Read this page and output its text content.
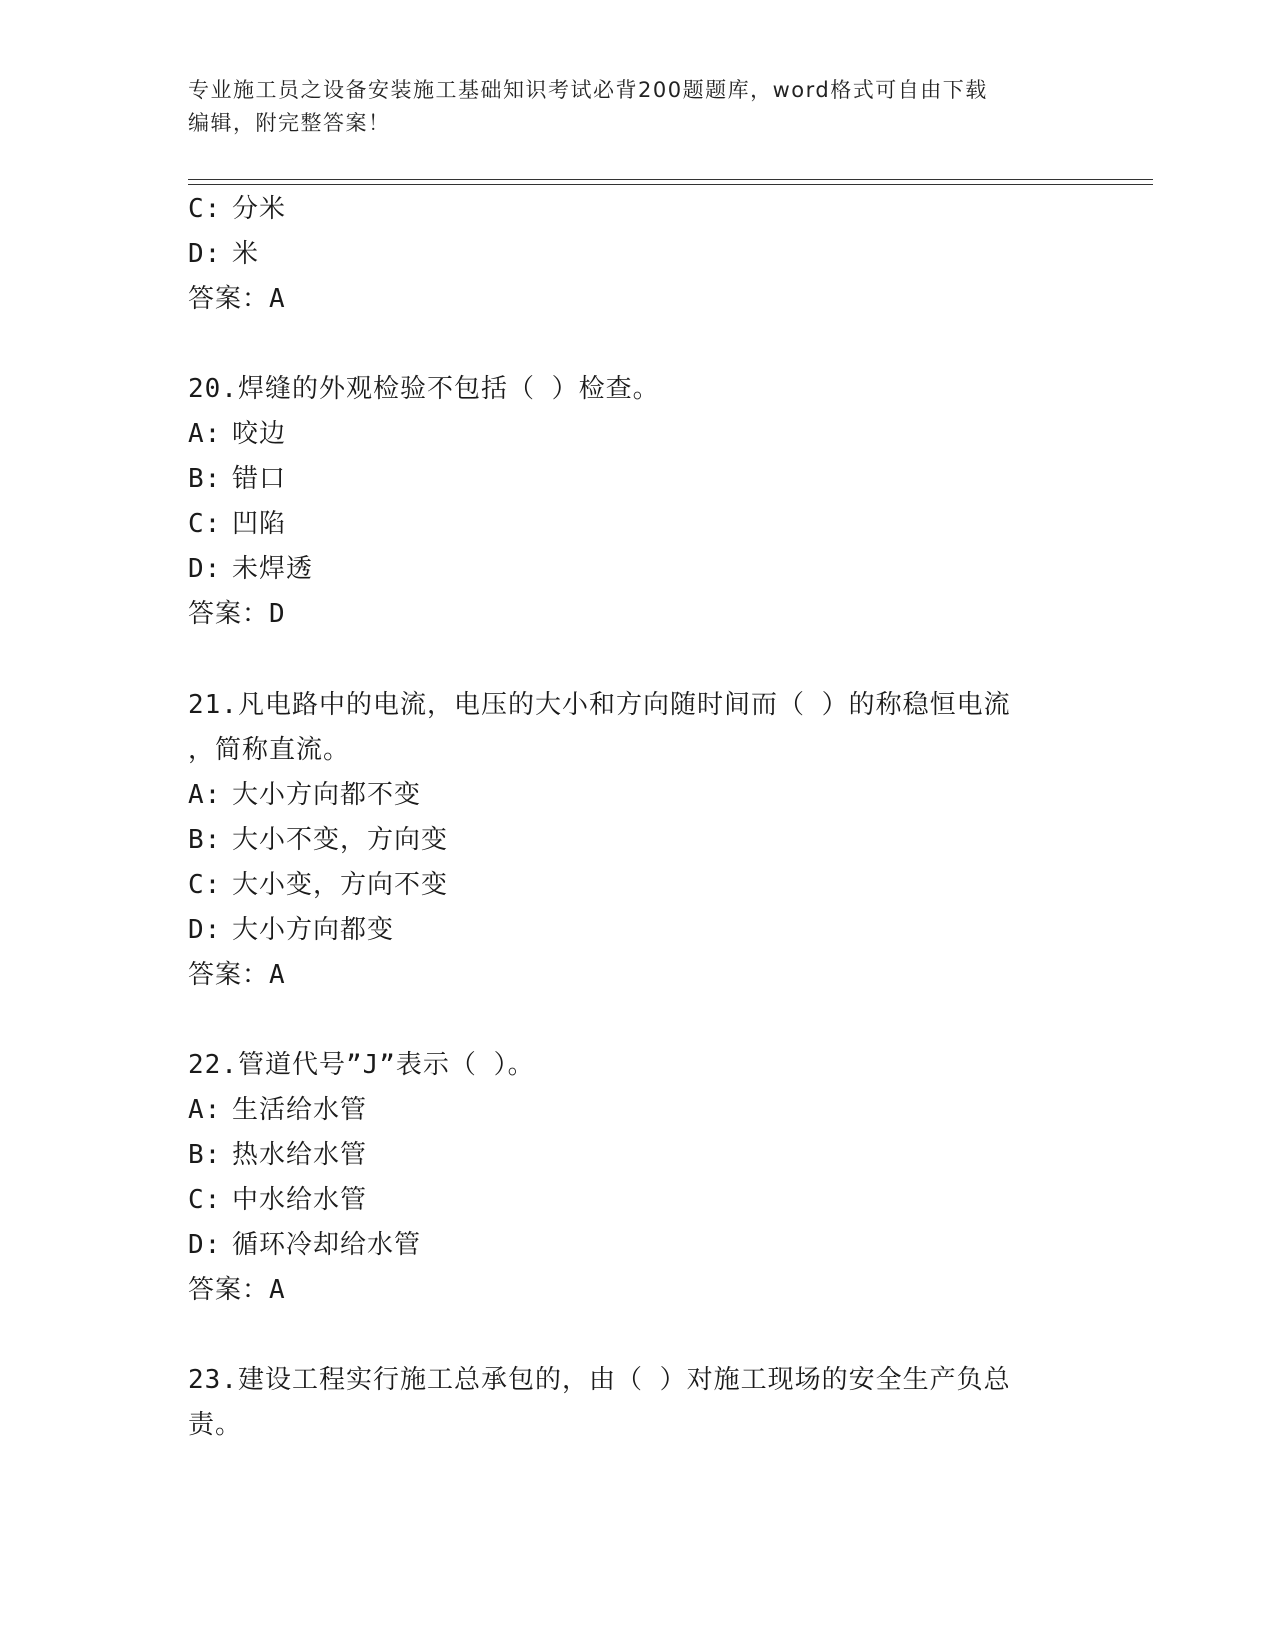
专业施工员之设备安装施工基础知识考试必背200题题库，word格式可自由下载
编辑，附完整答案！
C: 分米
D: 米
答案：A
20.焊缝的外观检验不包括（ ）检查。
A: 咬边
B: 错口
C: 凹陷
D: 未焊透
答案：D
21.凡电路中的电流，电压的大小和方向随时间而（ ）的称稳恒电流
，简称直流。
A: 大小方向都不变
B: 大小不变，方向变
C: 大小变，方向不变
D: 大小方向都变
答案：A
22.管道代号”J”表示（ ）。
A: 生活给水管
B: 热水给水管
C: 中水给水管
D: 循环冷却给水管
答案：A
23.建设工程实行施工总承包的，由（ ）对施工现场的安全生产负总
责。
